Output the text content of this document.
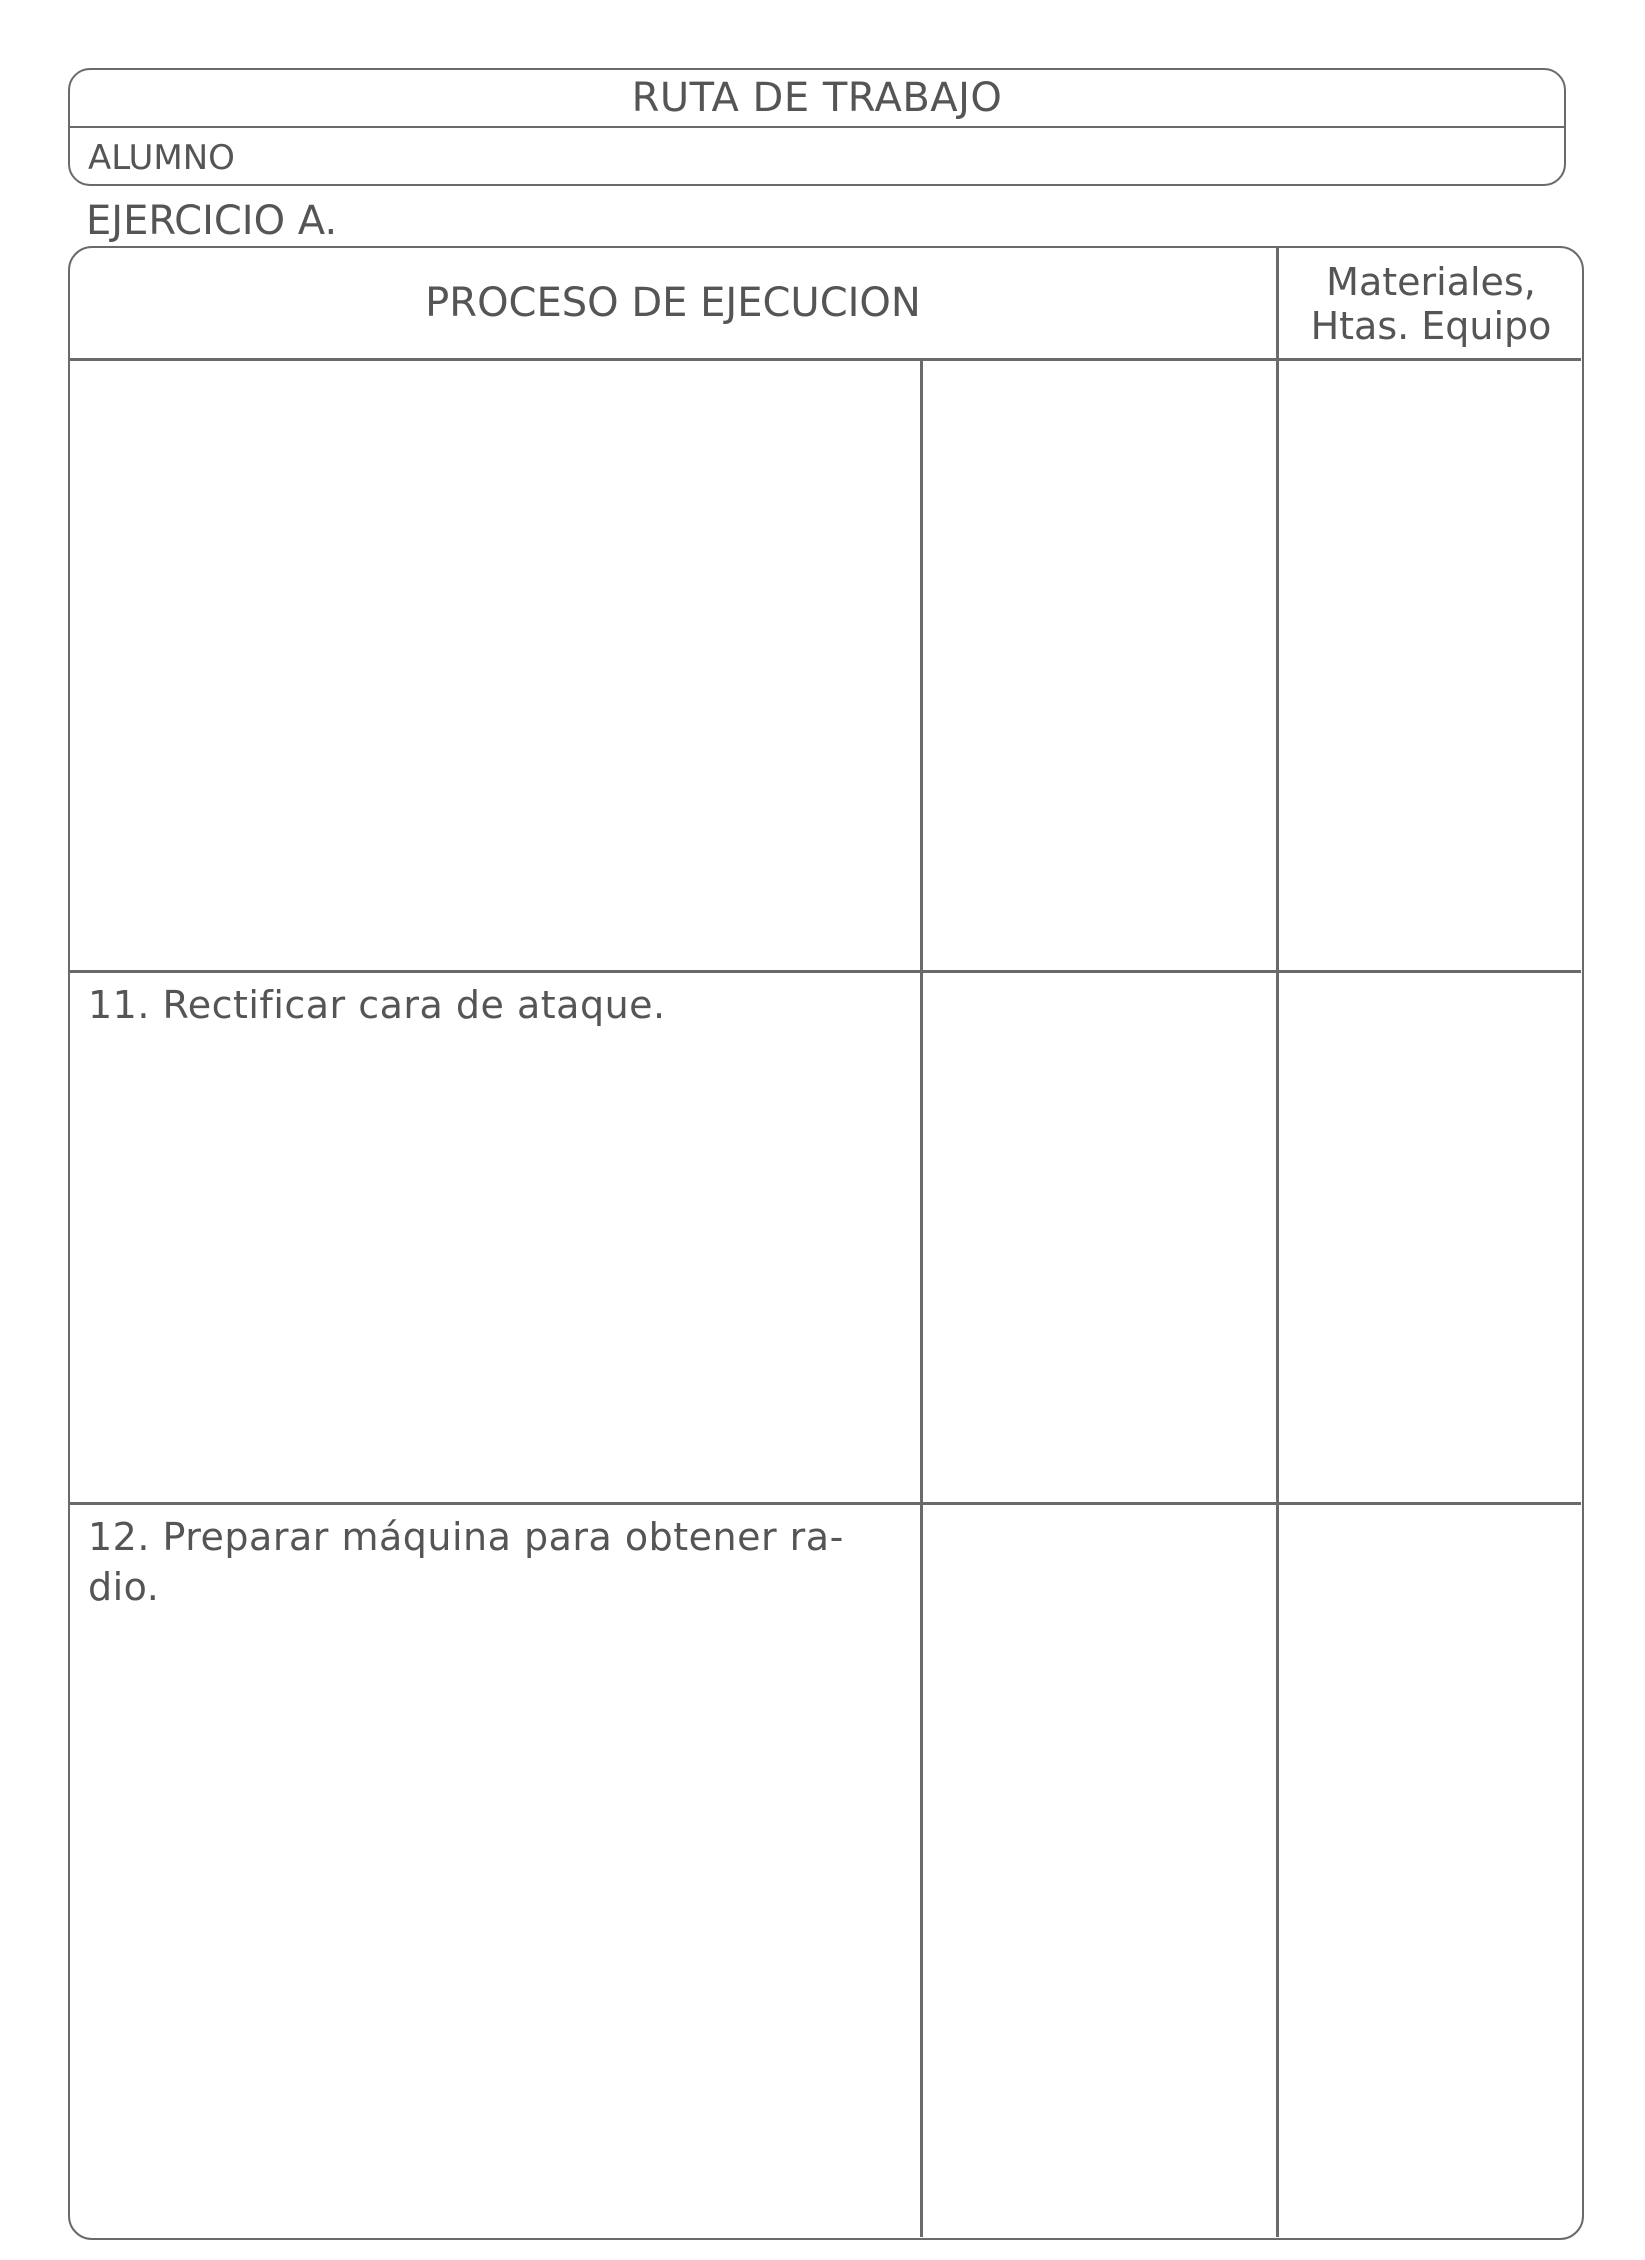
RUTA DE TRABAJO
ALUMNO
EJERCICIO A.
PROCESO DE EJECUCION	Materiales,
Htas. Equipo
11. Rectificar cara de ataque.
12. Preparar máquina para obtener ra-
dio.
